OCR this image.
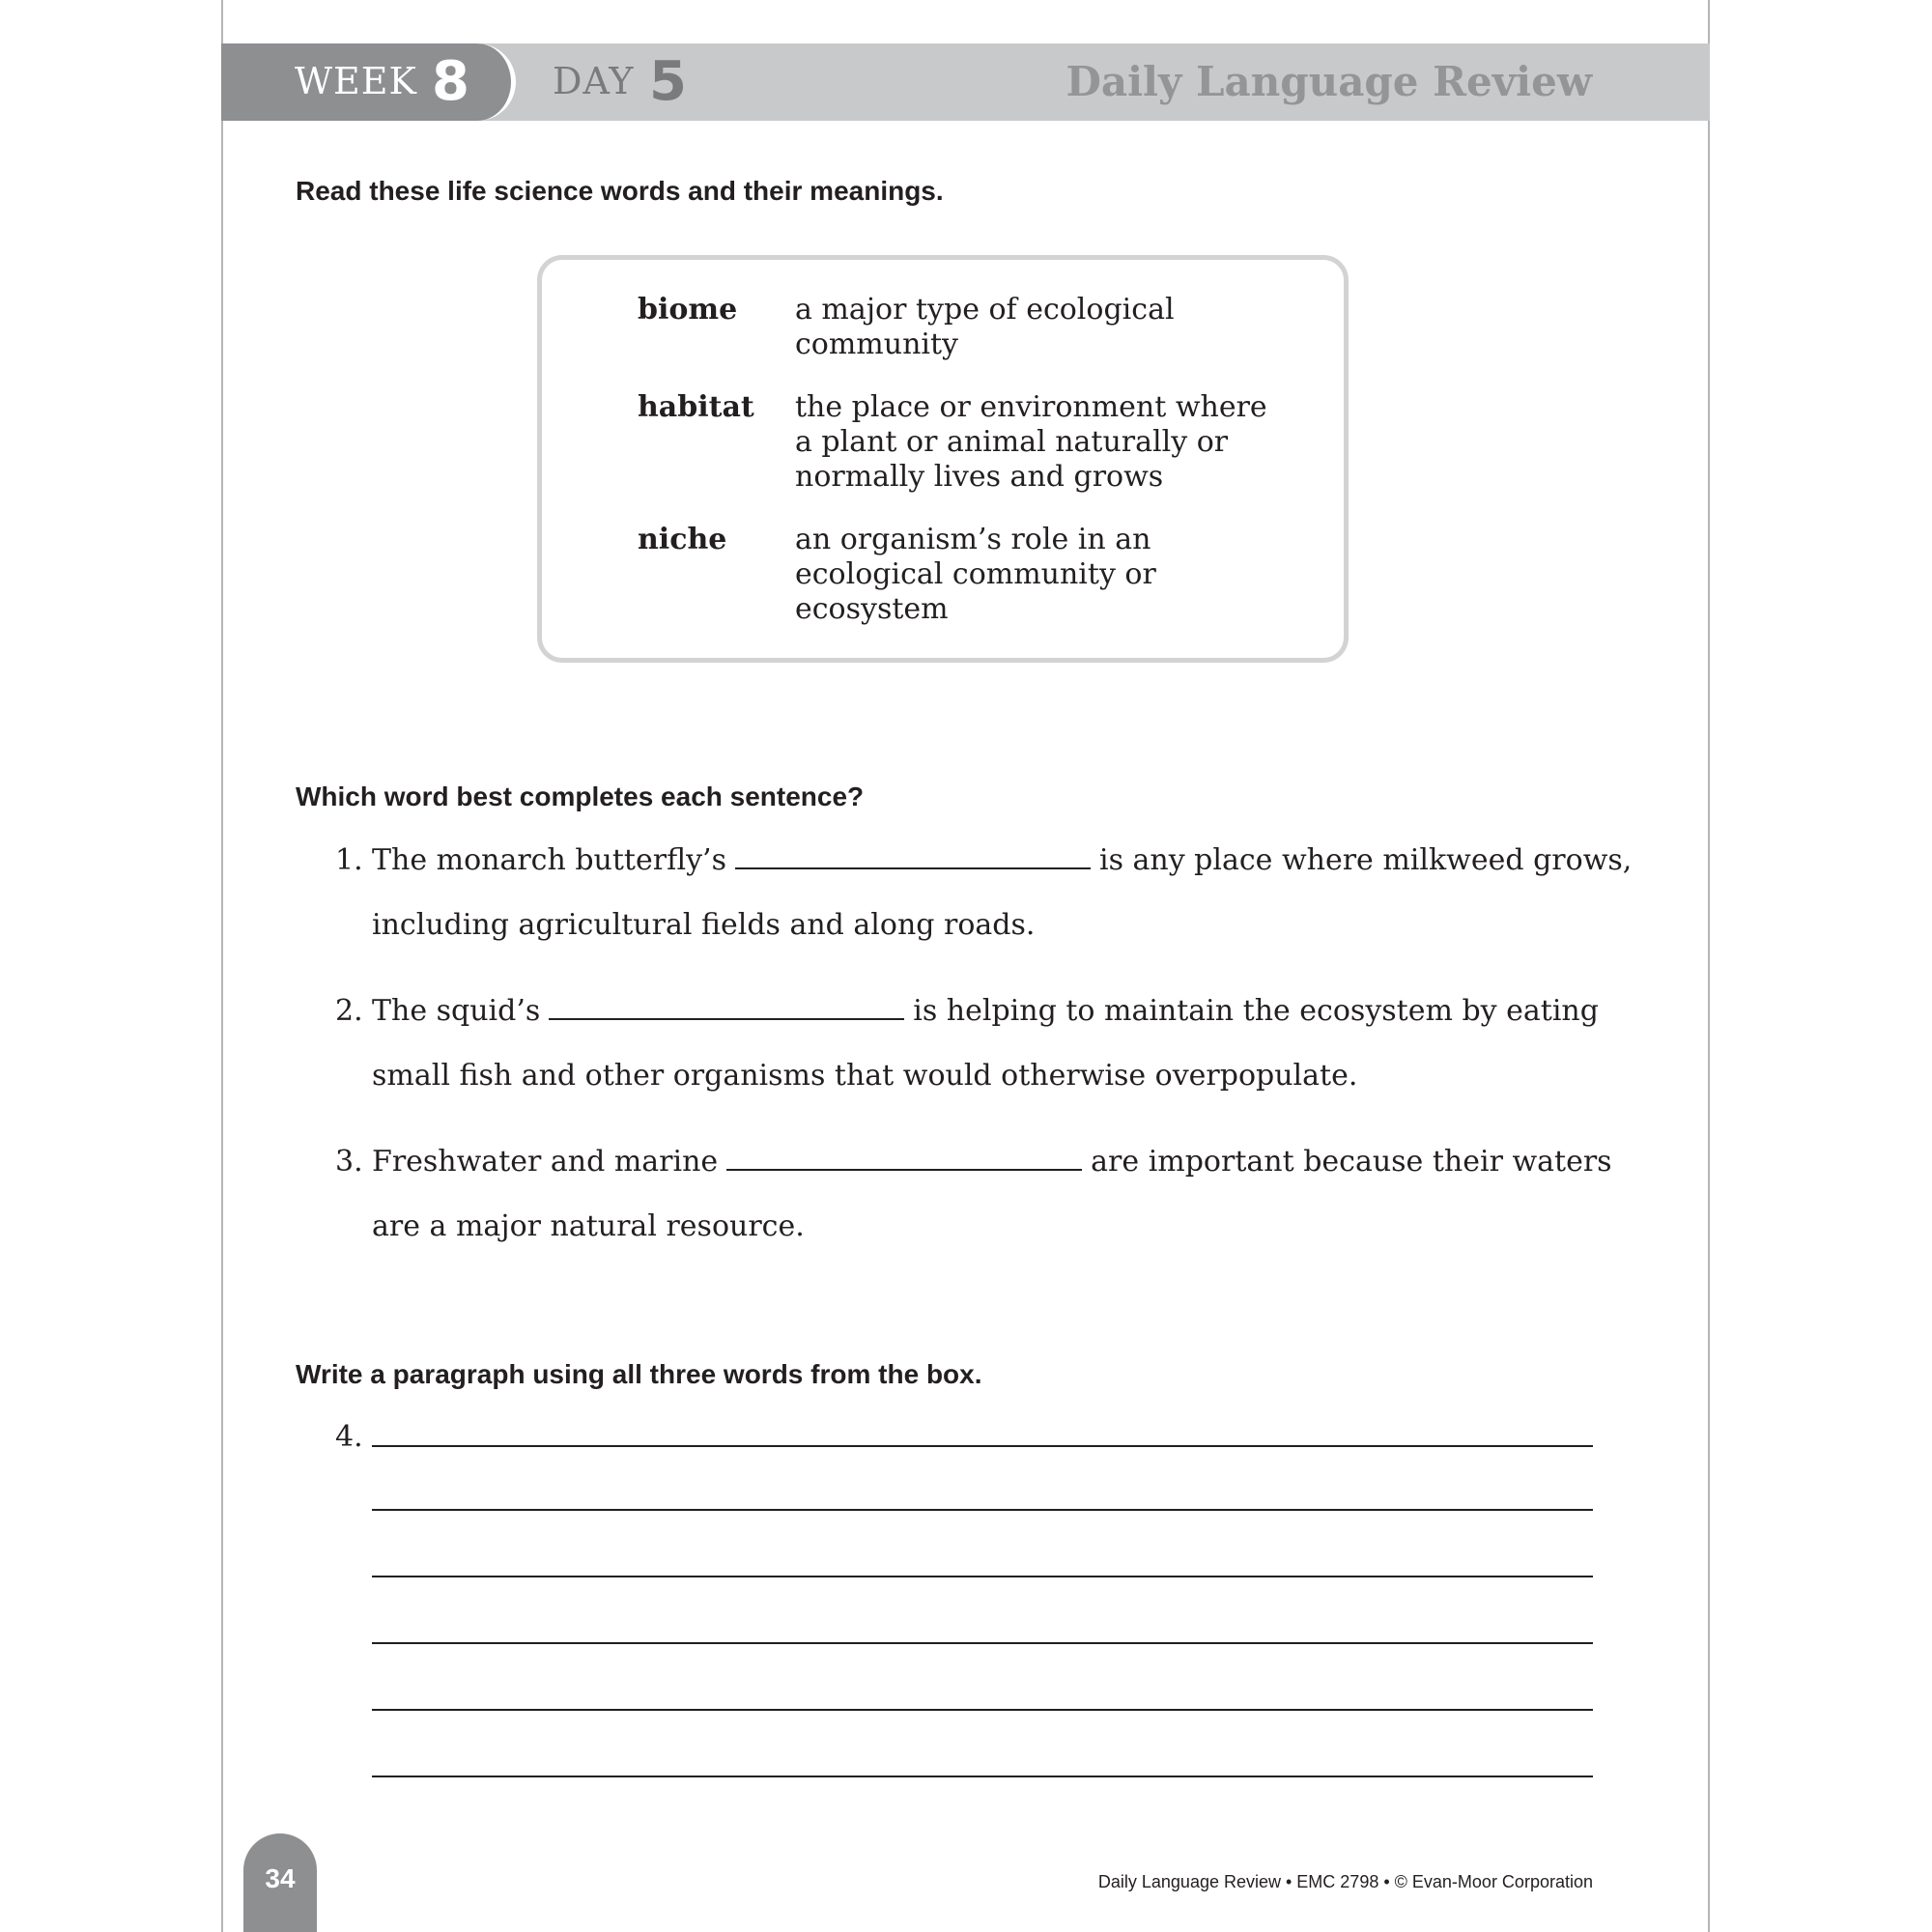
WEEK 8 DAY 5	Daily Language Review
Read these life science words and their meanings.
biome	a major type of ecological community
habitat	the place or environment where a plant or animal naturally or normally lives and grows
niche	an organism’s role in an ecological community or ecosystem
Which word best completes each sentence?
1. The monarch butterfly’s	is any place where milkweed grows,
including agricultural fields and along roads.
2. The squid’s	is helping to maintain the ecosystem by eating
small fish and other organisms that would otherwise overpopulate.
3. Freshwater and marine	are important because their waters
are a major natural resource.
Write a paragraph using all three words from the box.
4.
34	Daily Language Review • EMC 2798 • © Evan-Moor Corporation
